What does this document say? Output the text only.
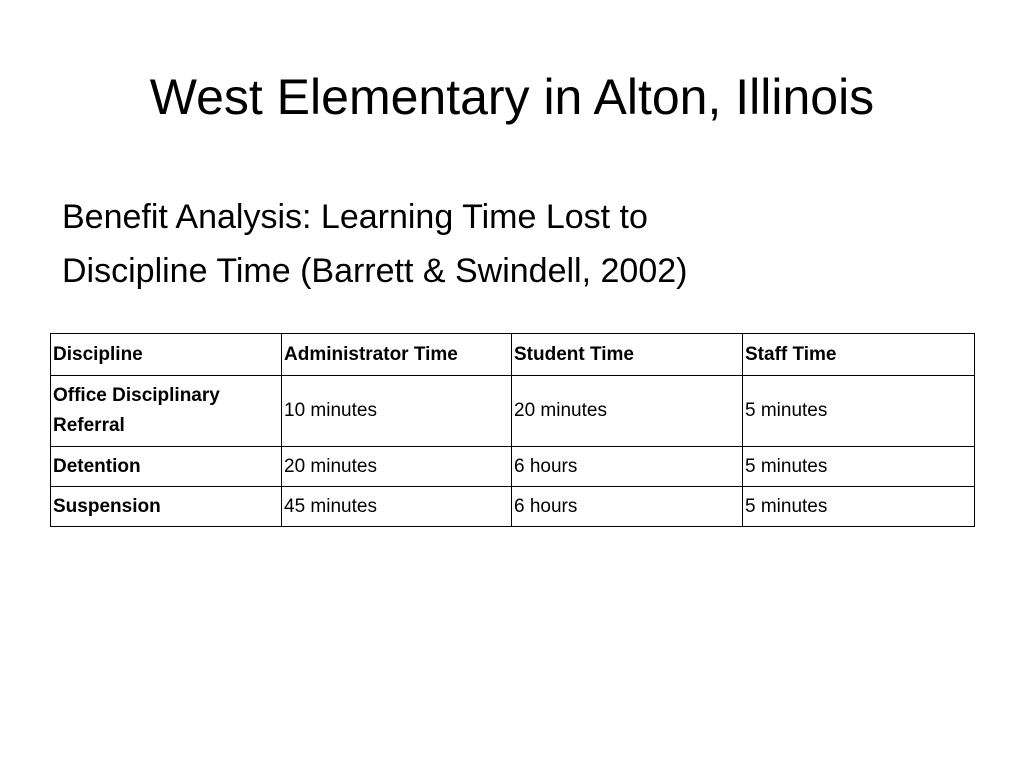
West Elementary in Alton, Illinois
Benefit Analysis: Learning Time Lost to
Discipline Time (Barrett & Swindell, 2002)
Discipline	Administrator Time	Student Time	Staff Time
Office Disciplinary Referral	10 minutes	20 minutes	5 minutes
Detention	20 minutes	6 hours	5 minutes
Suspension	45 minutes	6 hours	5 minutes
